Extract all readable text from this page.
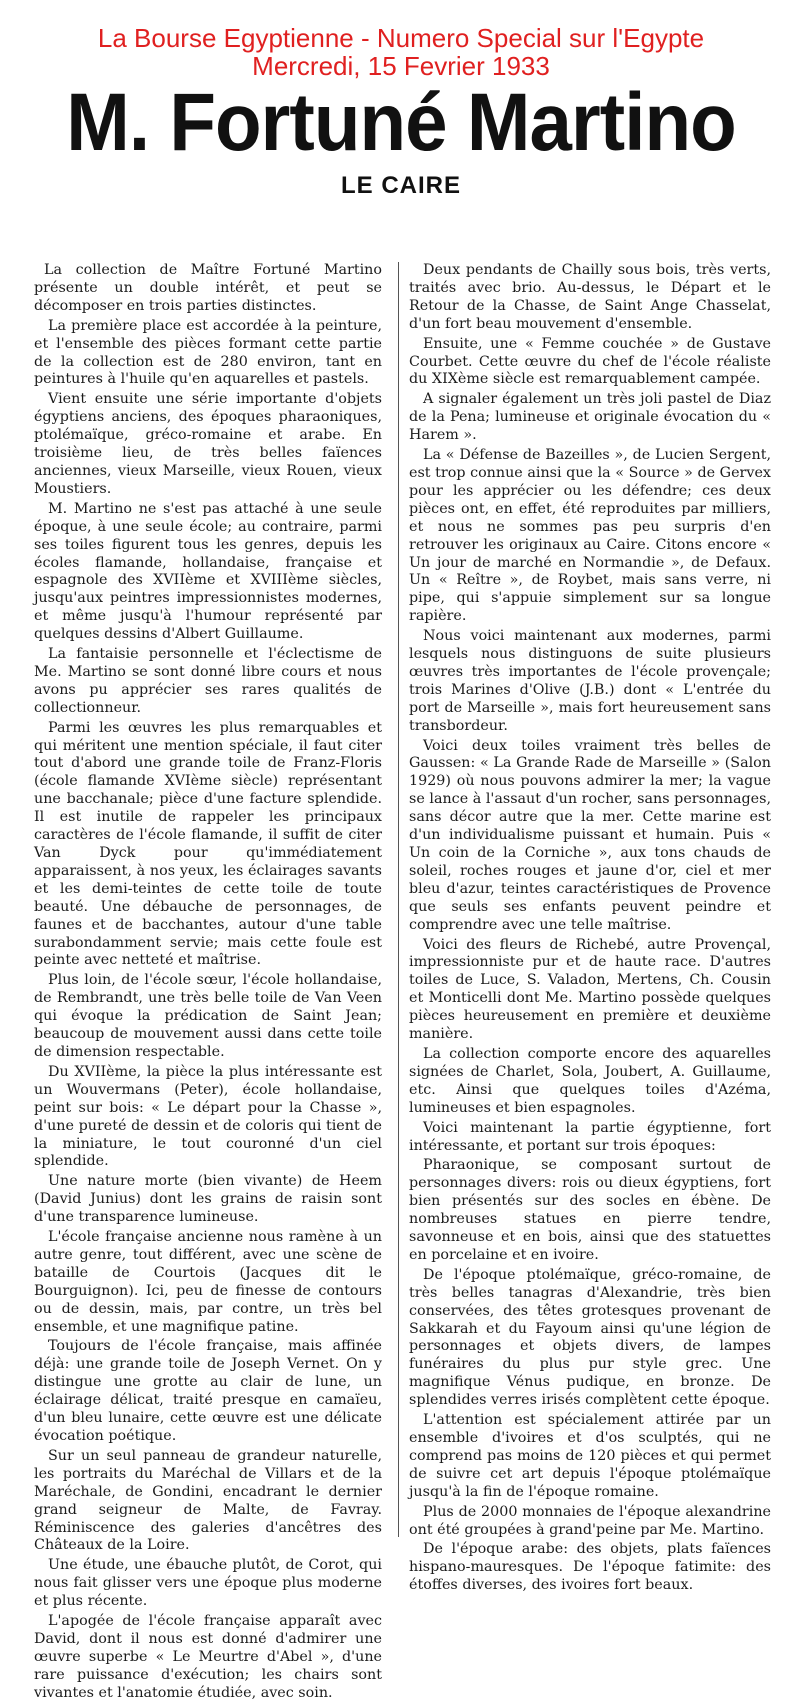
La Bourse Egyptienne - Numero Special sur l'Egypte
Mercredi, 15 Fevrier 1933
M. Fortuné Martino
LE CAIRE

La collection de Maître Fortuné Martino présente un double intérêt, et peut se décomposer en trois parties distinctes.

La première place est accordée à la peinture, et l'ensemble des pièces formant cette partie de la collection est de 280 environ, tant en peintures à l'huile qu'en aquarelles et pastels.

Vient ensuite une série importante d'objets égyptiens anciens, des époques pharaoniques, ptolémaïque, gréco-romaine et arabe. En troisième lieu, de très belles faïences anciennes, vieux Marseille, vieux Rouen, vieux Moustiers.

M. Martino ne s'est pas attaché à une seule époque, à une seule école; au contraire, parmi ses toiles figurent tous les genres, depuis les écoles flamande, hollandaise, française et espagnole des XVIIème et XVIIIème siècles, jusqu'aux peintres impressionnistes modernes, et même jusqu'à l'humour représenté par quelques dessins d'Albert Guillaume.

La fantaisie personnelle et l'éclectisme de Me. Martino se sont donné libre cours et nous avons pu apprécier ses rares qualités de collectionneur.

Parmi les œuvres les plus remarquables et qui méritent une mention spéciale, il faut citer tout d'abord une grande toile de Franz-Floris (école flamande XVIème siècle) représentant une bacchanale; pièce d'une facture splendide. Il est inutile de rappeler les principaux caractères de l'école flamande, il suffit de citer Van Dyck pour qu'immédiatement apparaissent, à nos yeux, les éclairages savants et les demi-teintes de cette toile de toute beauté. Une débauche de personnages, de faunes et de bacchantes, autour d'une table surabondamment servie; mais cette foule est peinte avec netteté et maîtrise.

Plus loin, de l'école sœur, l'école hollandaise, de Rembrandt, une très belle toile de Van Veen qui évoque la prédication de Saint Jean; beaucoup de mouvement aussi dans cette toile de dimension respectable.

Du XVIIème, la pièce la plus intéressante est un Wouvermans (Peter), école hollandaise, peint sur bois: « Le départ pour la Chasse », d'une pureté de dessin et de coloris qui tient de la miniature, le tout couronné d'un ciel splendide.

Une nature morte (bien vivante) de Heem (David Junius) dont les grains de raisin sont d'une transparence lumineuse.

L'école française ancienne nous ramène à un autre genre, tout différent, avec une scène de bataille de Courtois (Jacques dit le Bourguignon). Ici, peu de finesse de contours ou de dessin, mais, par contre, un très bel ensemble, et une magnifique patine.

Toujours de l'école française, mais affinée déjà: une grande toile de Joseph Vernet. On y distingue une grotte au clair de lune, un éclairage délicat, traité presque en camaïeu, d'un bleu lunaire, cette œuvre est une délicate évocation poétique.

Sur un seul panneau de grandeur naturelle, les portraits du Maréchal de Villars et de la Maréchale, de Gondini, encadrant le dernier grand seigneur de Malte, de Favray. Réminiscence des galeries d'ancêtres des Châteaux de la Loire.

Une étude, une ébauche plutôt, de Corot, qui nous fait glisser vers une époque plus moderne et plus récente.

L'apogée de l'école française apparaît avec David, dont il nous est donné d'admirer une œuvre superbe « Le Meurtre d'Abel », d'une rare puissance d'exécution; les chairs sont vivantes et l'anatomie étudiée, avec soin.

Deux pendants de Chailly sous bois, très verts, traités avec brio. Au-dessus, le Départ et le Retour de la Chasse, de Saint Ange Chasselat, d'un fort beau mouvement d'ensemble.

Ensuite, une « Femme couchée » de Gustave Courbet. Cette œuvre du chef de l'école réaliste du XIXème siècle est remarquablement campée.

A signaler également un très joli pastel de Diaz de la Pena; lumineuse et originale évocation du « Harem ».

La « Défense de Bazeilles », de Lucien Sergent, est trop connue ainsi que la « Source » de Gervex pour les apprécier ou les défendre; ces deux pièces ont, en effet, été reproduites par milliers, et nous ne sommes pas peu surpris d'en retrouver les originaux au Caire. Citons encore « Un jour de marché en Normandie », de Defaux. Un « Reître », de Roybet, mais sans verre, ni pipe, qui s'appuie simplement sur sa longue rapière.

Nous voici maintenant aux modernes, parmi lesquels nous distinguons de suite plusieurs œuvres très importantes de l'école provençale; trois Marines d'Olive (J.B.) dont « L'entrée du port de Marseille », mais fort heureusement sans transbordeur.

Voici deux toiles vraiment très belles de Gaussen: « La Grande Rade de Marseille » (Salon 1929) où nous pouvons admirer la mer; la vague se lance à l'assaut d'un rocher, sans personnages, sans décor autre que la mer. Cette marine est d'un individualisme puissant et humain. Puis « Un coin de la Corniche », aux tons chauds de soleil, roches rouges et jaune d'or, ciel et mer bleu d'azur, teintes caractéristiques de Provence que seuls ses enfants peuvent peindre et comprendre avec une telle maîtrise.

Voici des fleurs de Richebé, autre Provençal, impressionniste pur et de haute race. D'autres toiles de Luce, S. Valadon, Mertens, Ch. Cousin et Monticelli dont Me. Martino possède quelques pièces heureusement en première et deuxième manière.

La collection comporte encore des aquarelles signées de Charlet, Sola, Joubert, A. Guillaume, etc. Ainsi que quelques toiles d'Azéma, lumineuses et bien espagnoles.

Voici maintenant la partie égyptienne, fort intéressante, et portant sur trois époques:

Pharaonique, se composant surtout de personnages divers: rois ou dieux égyptiens, fort bien présentés sur des socles en ébène. De nombreuses statues en pierre tendre, savonneuse et en bois, ainsi que des statuettes en porcelaine et en ivoire.

De l'époque ptolémaïque, gréco-romaine, de très belles tanagras d'Alexandrie, très bien conservées, des têtes grotesques provenant de Sakkarah et du Fayoum ainsi qu'une légion de personnages et objets divers, de lampes funéraires du plus pur style grec. Une magnifique Vénus pudique, en bronze. De splendides verres irisés complètent cette époque.

L'attention est spécialement attirée par un ensemble d'ivoires et d'os sculptés, qui ne comprend pas moins de 120 pièces et qui permet de suivre cet art depuis l'époque ptolémaïque jusqu'à la fin de l'époque romaine.

Plus de 2000 monnaies de l'époque alexandrine ont été groupées à grand'peine par Me. Martino.

De l'époque arabe: des objets, plats faïences hispano-mauresques. De l'époque fatimite: des étoffes diverses, des ivoires fort beaux.
